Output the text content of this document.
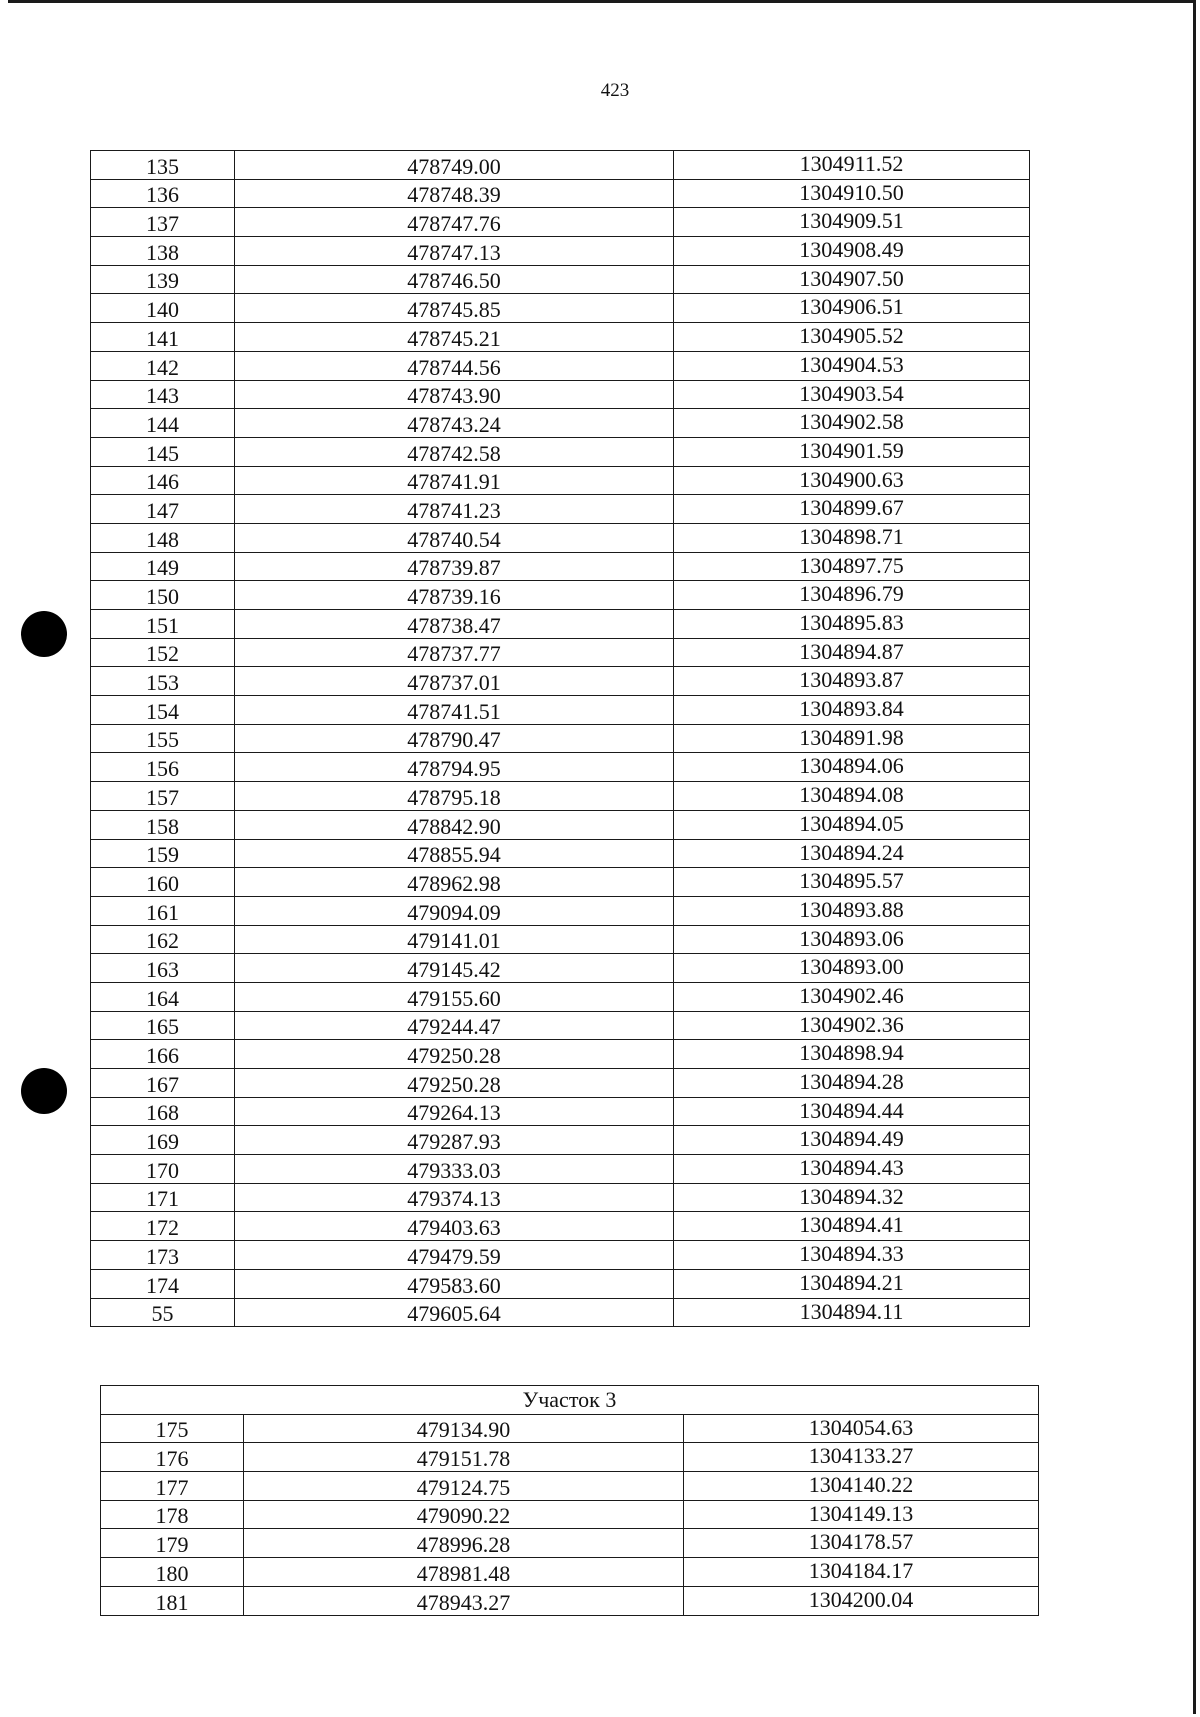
423
135	478749.00	1304911.52
136	478748.39	1304910.50
137	478747.76	1304909.51
138	478747.13	1304908.49
139	478746.50	1304907.50
140	478745.85	1304906.51
141	478745.21	1304905.52
142	478744.56	1304904.53
143	478743.90	1304903.54
144	478743.24	1304902.58
145	478742.58	1304901.59
146	478741.91	1304900.63
147	478741.23	1304899.67
148	478740.54	1304898.71
149	478739.87	1304897.75
150	478739.16	1304896.79
151	478738.47	1304895.83
152	478737.77	1304894.87
153	478737.01	1304893.87
154	478741.51	1304893.84
155	478790.47	1304891.98
156	478794.95	1304894.06
157	478795.18	1304894.08
158	478842.90	1304894.05
159	478855.94	1304894.24
160	478962.98	1304895.57
161	479094.09	1304893.88
162	479141.01	1304893.06
163	479145.42	1304893.00
164	479155.60	1304902.46
165	479244.47	1304902.36
166	479250.28	1304898.94
167	479250.28	1304894.28
168	479264.13	1304894.44
169	479287.93	1304894.49
170	479333.03	1304894.43
171	479374.13	1304894.32
172	479403.63	1304894.41
173	479479.59	1304894.33
174	479583.60	1304894.21
55	479605.64	1304894.11
Участок 3		
175	479134.90	1304054.63
176	479151.78	1304133.27
177	479124.75	1304140.22
178	479090.22	1304149.13
179	478996.28	1304178.57
180	478981.48	1304184.17
181	478943.27	1304200.04
